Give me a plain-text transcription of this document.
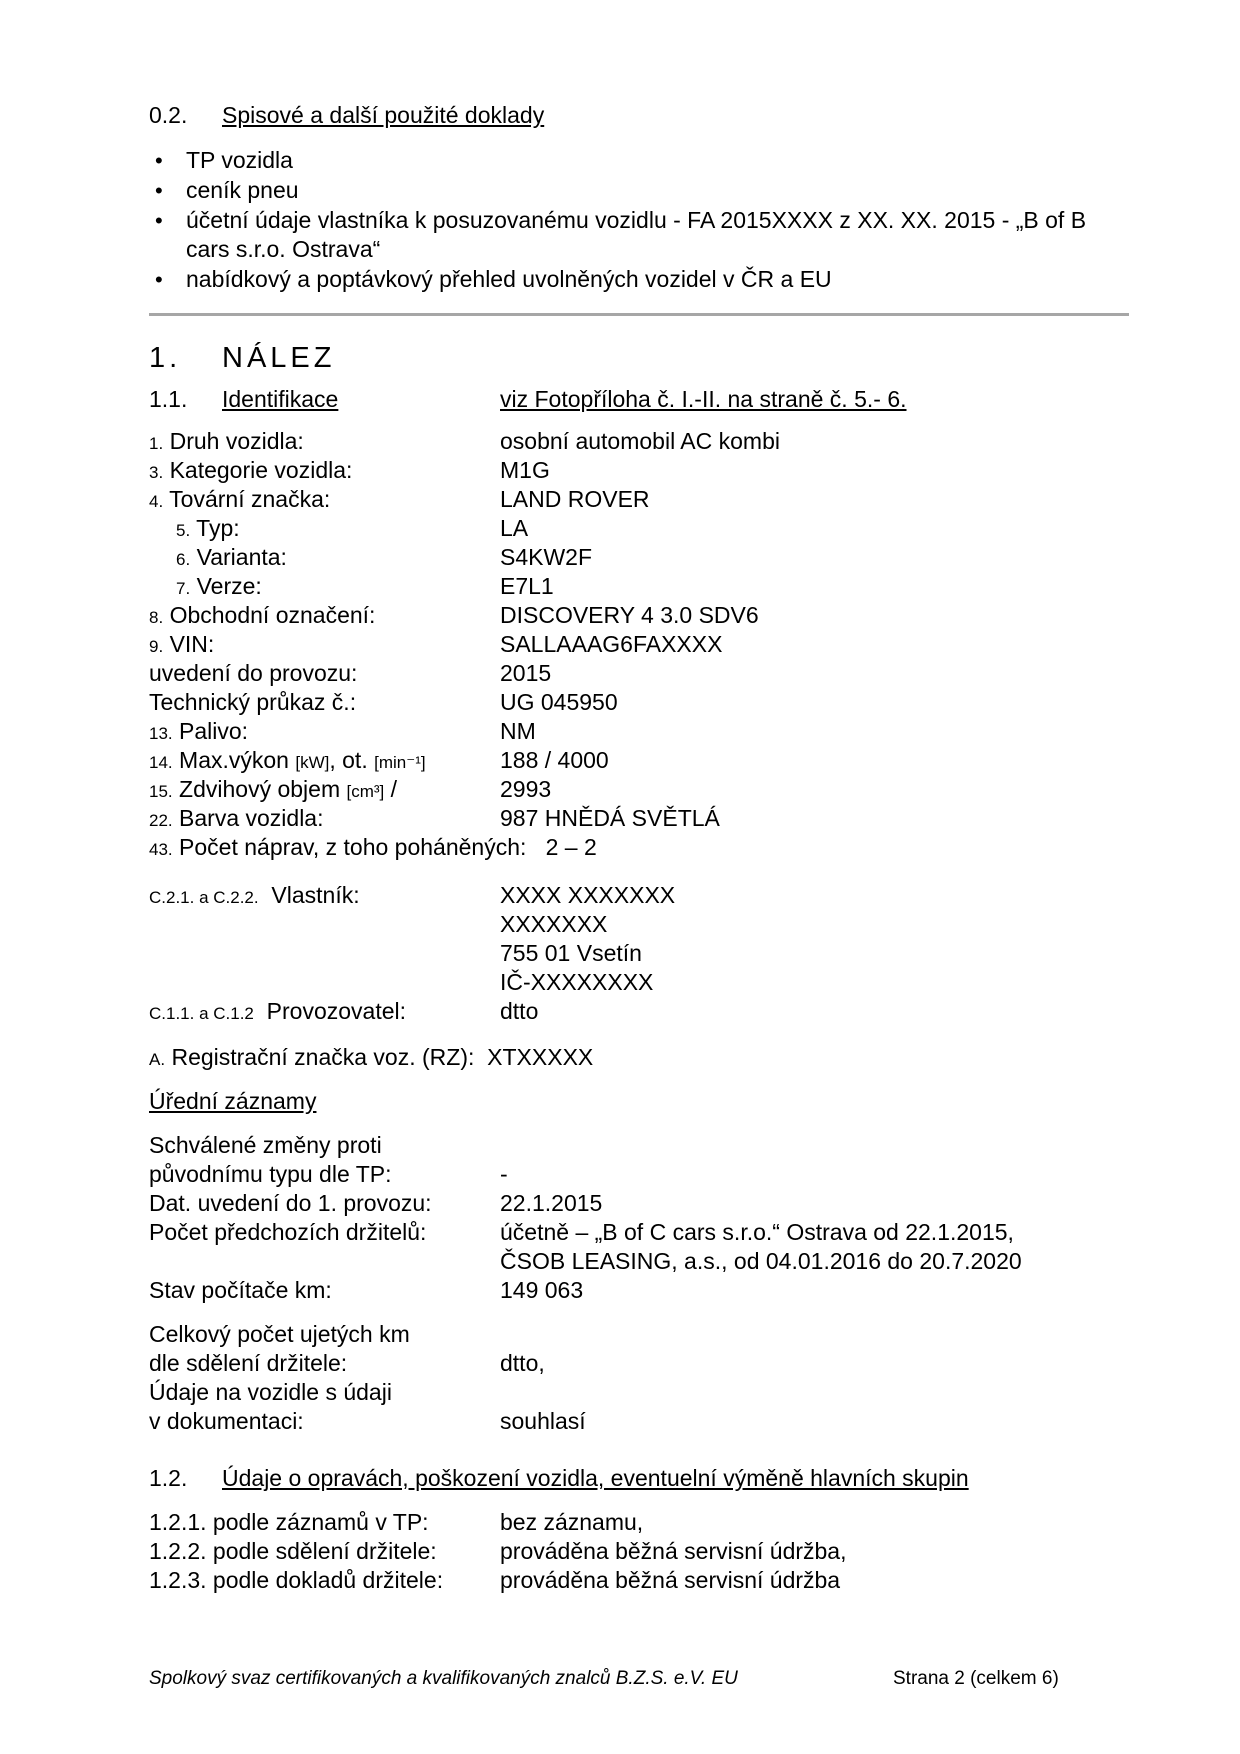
0.2. Spisové a další použité doklady
• TP vozidla
• ceník pneu
• účetní údaje vlastníka k posuzovanému vozidlu - FA 2015XXXX z XX. XX. 2015 - „B of B cars s.r.o. Ostrava“
• nabídkový a poptávkový přehled uvolněných vozidel v ČR a EU
1. NÁLEZ
1.1. Identifikace	viz Fotopříloha č. I.-II. na straně č. 5.- 6.
1. Druh vozidla:	osobní automobil AC kombi
3. Kategorie vozidla:	M1G
4. Tovární značka:	LAND ROVER
5. Typ:	LA
6. Varianta:	S4KW2F
7. Verze:	E7L1
8. Obchodní označení:	DISCOVERY 4 3.0 SDV6
9. VIN:	SALLAAAG6FAXXXX
uvedení do provozu:	2015
Technický průkaz č.:	UG 045950
13. Palivo:	NM
14. Max.výkon [kW], ot. [min⁻¹]	188 / 4000
15. Zdvihový objem [cm³] /	2993
22. Barva vozidla:	987 HNĚDÁ SVĚTLÁ
43. Počet náprav, z toho poháněných: 2 – 2
C.2.1. a C.2.2. Vlastník:	XXXX XXXXXXX
XXXXXXX
755 01 Vsetín
IČ-XXXXXXXX
C.1.1. a C.1.2 Provozovatel:	dtto
A. Registrační značka voz. (RZ): XTXXXXX
Úřední záznamy
Schválené změny proti
původnímu typu dle TP:	-
Dat. uvedení do 1. provozu:	22.1.2015
Počet předchozích držitelů:	účetně – „B of C cars s.r.o.“ Ostrava od 22.1.2015,
ČSOB LEASING, a.s., od 04.01.2016 do 20.7.2020
Stav počítače km:	149 063
Celkový počet ujetých km
dle sdělení držitele:	dtto,
Údaje na vozidle s údaji
v dokumentaci:	souhlasí
1.2. Údaje o opravách, poškození vozidla, eventuelní výměně hlavních skupin
1.2.1. podle záznamů v TP:	bez záznamu,
1.2.2. podle sdělení držitele:	prováděna běžná servisní údržba,
1.2.3. podle dokladů držitele: prováděna běžná servisní údržba
Spolkový svaz certifikovaných a kvalifikovaných znalců B.Z.S. e.V. EU	Strana 2 (celkem 6)
